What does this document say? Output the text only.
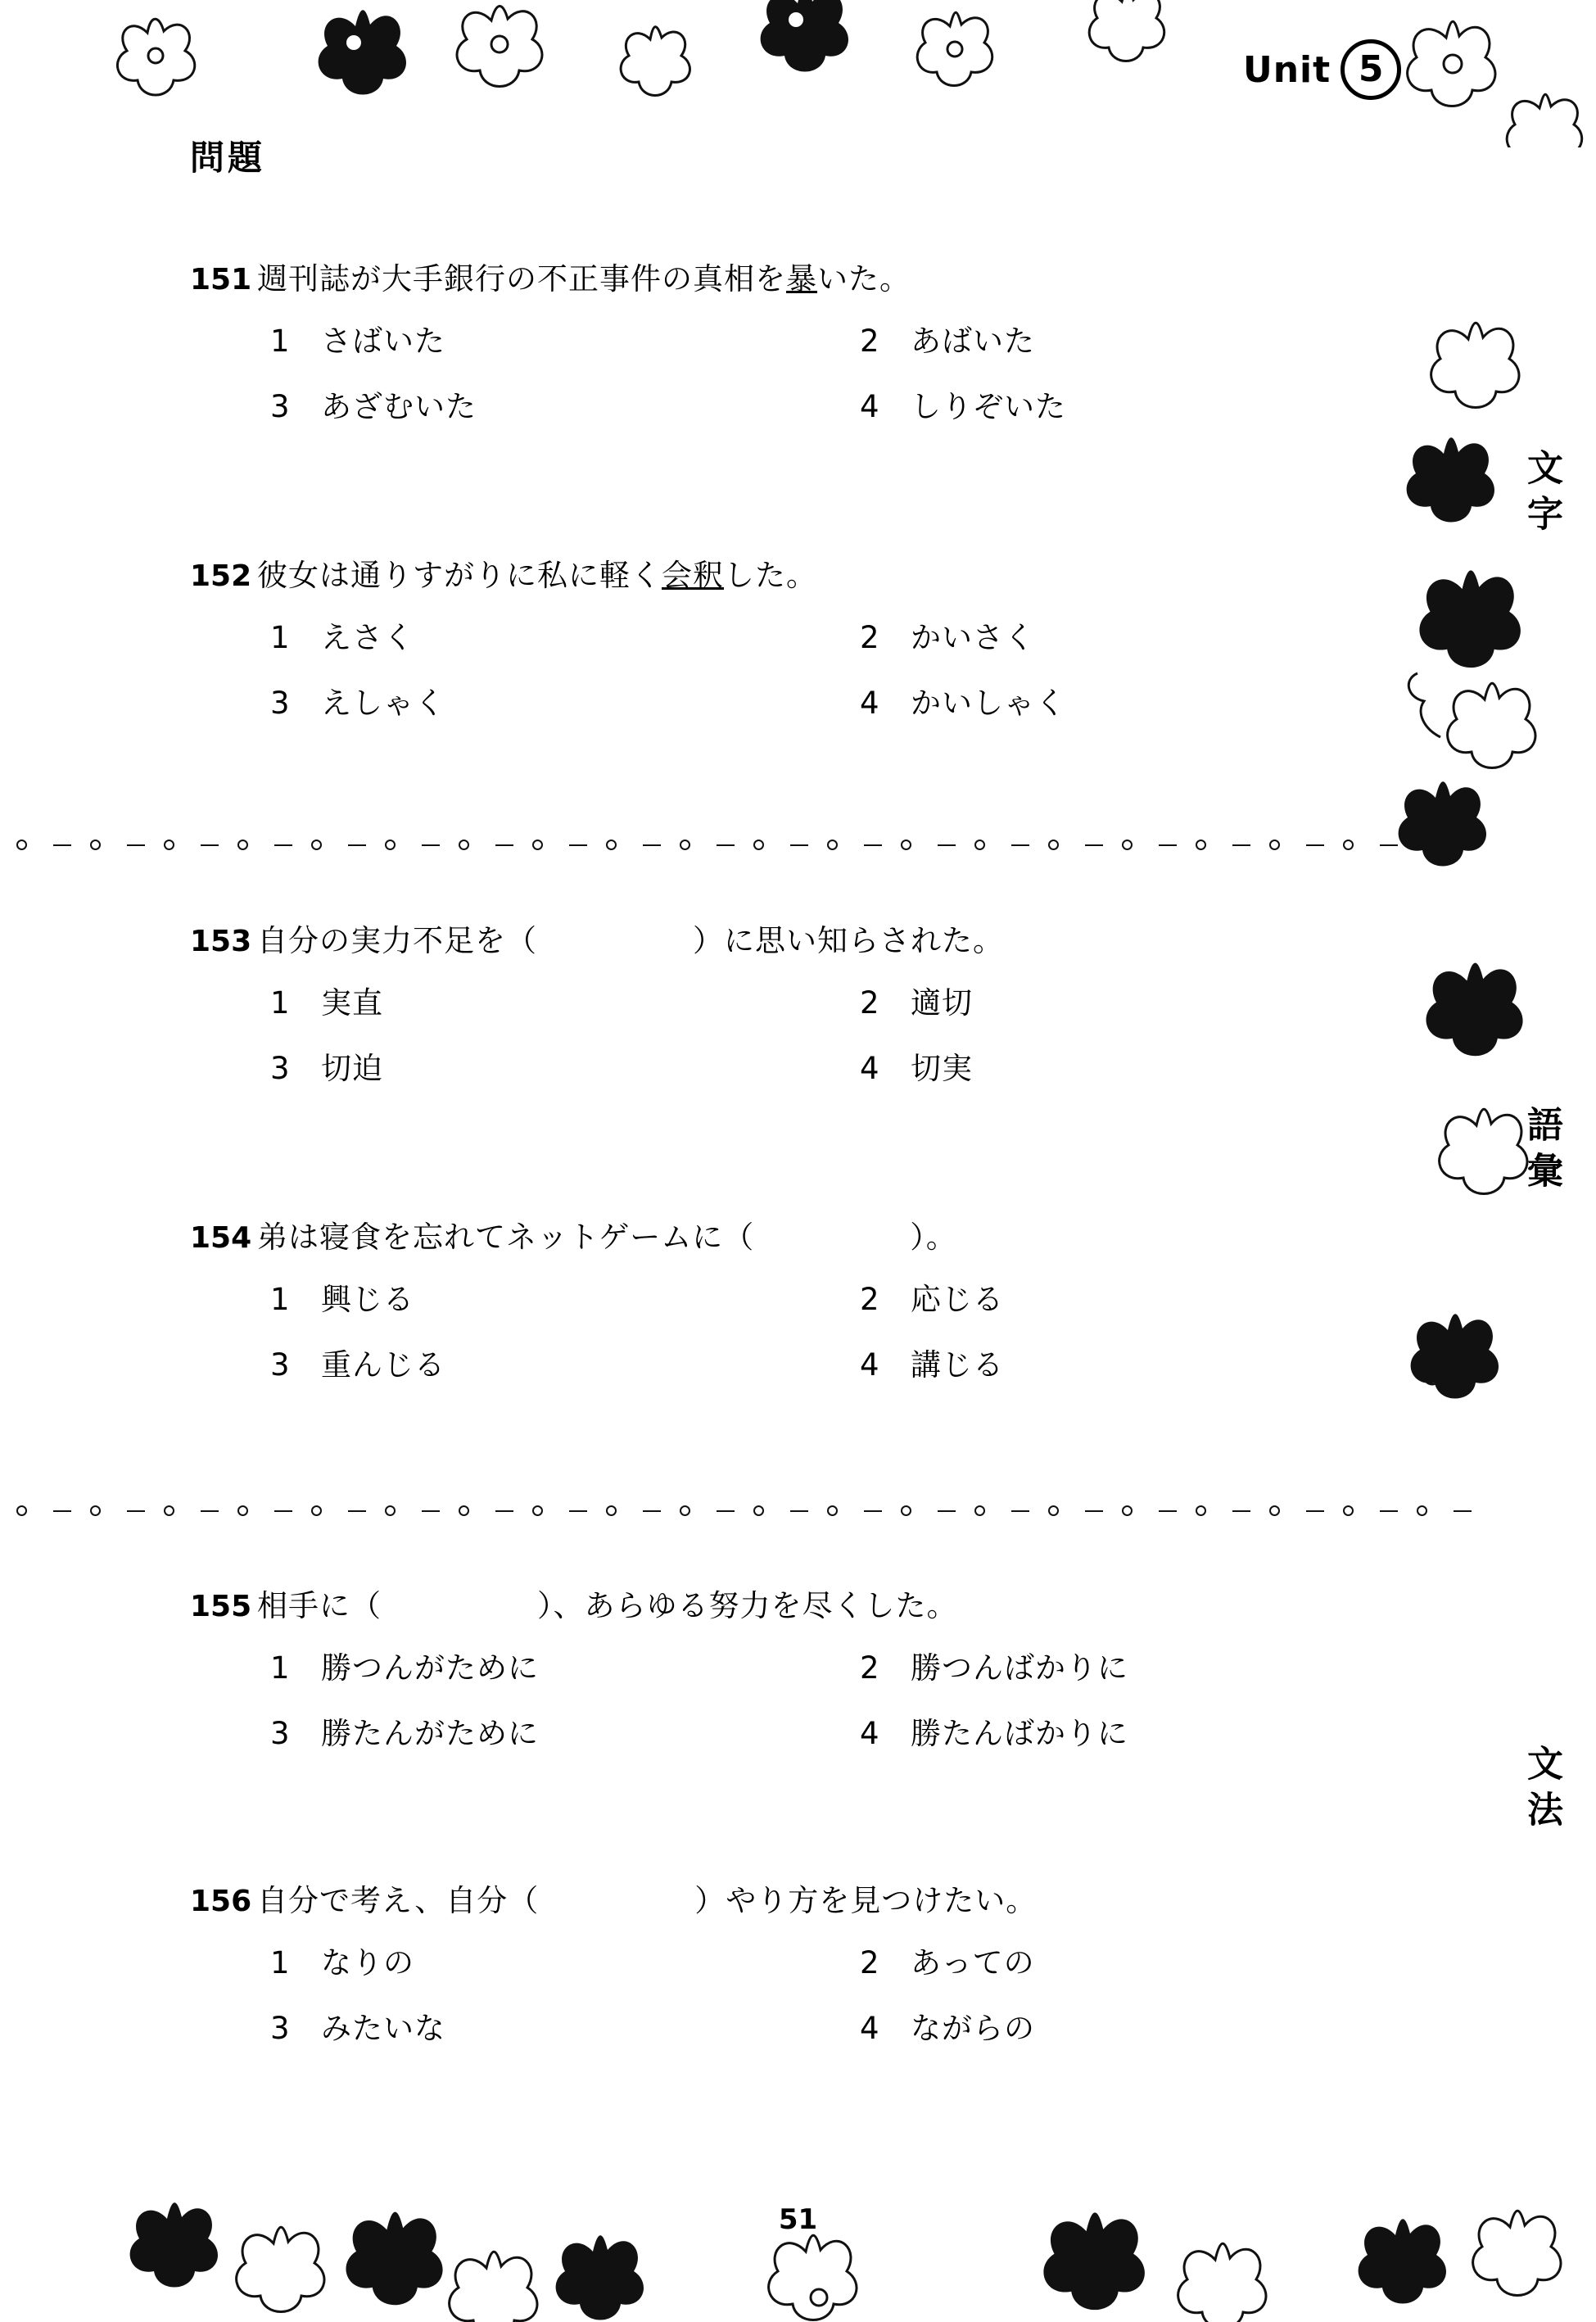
Unit 5
問題
文字
語彙
文法
151 週刊誌が大手銀行の不正事件の真相を 暴 いた。
1	さばいた	2	あばいた
3	あざむいた	4	しりぞいた
152 彼女は通りすがりに私に軽く 会釈 した。
1	えさく	2	かいさく
3	えしゃく	4	かいしゃく
153 自分の実力不足を（　　　　　）に思い知らされた。
1	実直	2	適切
3	切迫	4	切実
154 弟は寝食を忘れてネットゲームに（　　　　　）。
1	興じる	2	応じる
3	重んじる	4	講じる
155 相手に（　　　　　）、あらゆる努力を尽くした。
1	勝つんがために	2	勝つんばかりに
3	勝たんがために	4	勝たんばかりに
156 自分で考え、自分（　　　　　）やり方を見つけたい。
1	なりの	2	あっての
3	みたいな	4	ながらの
51
